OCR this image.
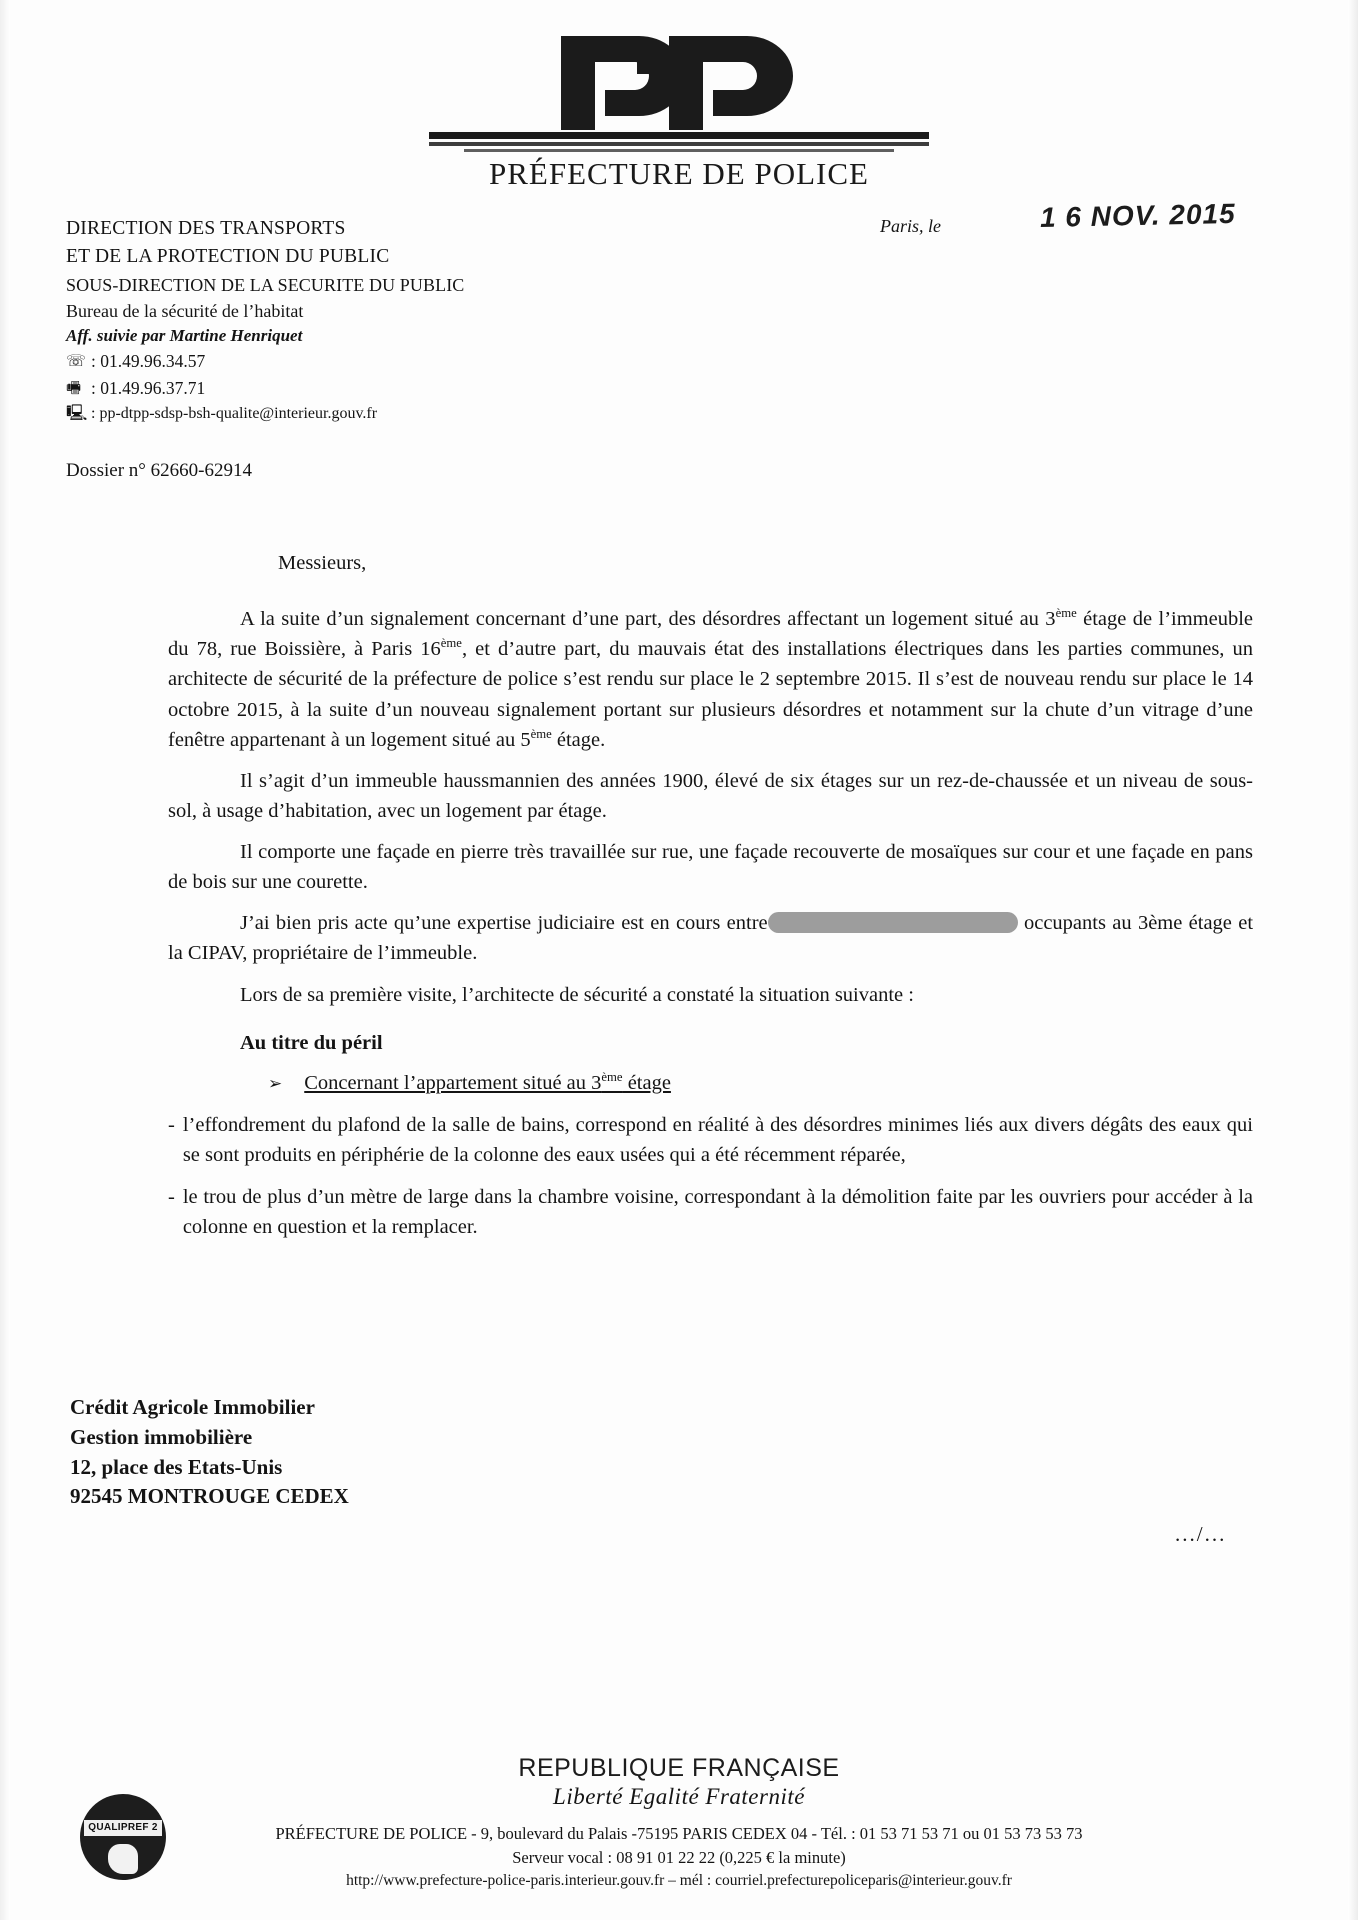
PRÉFECTURE DE POLICE
DIRECTION DES TRANSPORTS
ET DE LA PROTECTION DU PUBLIC
SOUS-DIRECTION DE LA SECURITE DU PUBLIC
Bureau de la sécurité de l’habitat
Aff. suivie par Martine Henriquet
☏ : 01.49.96.34.57
🖷 : 01.49.96.37.71
🖳 : pp-dtpp-sdsp-bsh-qualite@interieur.gouv.fr
Dossier n° 62660-62914
Paris, le	1 6 NOV. 2015
Messieurs,
A la suite d’un signalement concernant d’une part, des désordres affectant un logement situé au 3ème étage de l’immeuble du 78, rue Boissière, à Paris 16ème, et d’autre part, du mauvais état des installations électriques dans les parties communes, un architecte de sécurité de la préfecture de police s’est rendu sur place le 2 septembre 2015. Il s’est de nouveau rendu sur place le 14 octobre 2015, à la suite d’un nouveau signalement portant sur plusieurs désordres et notamment sur la chute d’un vitrage d’une fenêtre appartenant à un logement situé au 5ème étage.
Il s’agit d’un immeuble haussmannien des années 1900, élevé de six étages sur un rez-de-chaussée et un niveau de sous-sol, à usage d’habitation, avec un logement par étage.
Il comporte une façade en pierre très travaillée sur rue, une façade recouverte de mosaïques sur cour et une façade en pans de bois sur une courette.
J’ai bien pris acte qu’une expertise judiciaire est en cours entre	occupants au 3ème étage et la CIPAV, propriétaire de l’immeuble.
Lors de sa première visite, l’architecte de sécurité a constaté la situation suivante :
Au titre du péril
➢ Concernant l’appartement situé au 3ème étage
- l’effondrement du plafond de la salle de bains, correspond en réalité à des désordres minimes liés aux divers dégâts des eaux qui se sont produits en périphérie de la colonne des eaux usées qui a été récemment réparée,
- le trou de plus d’un mètre de large dans la chambre voisine, correspondant à la démolition faite par les ouvriers pour accéder à la colonne en question et la remplacer.
Crédit Agricole Immobilier
Gestion immobilière
12, place des Etats-Unis
92545 MONTROUGE CEDEX
.../...
QUALIPREF 2
REPUBLIQUE FRANÇAISE
Liberté Egalité Fraternité
PRÉFECTURE DE POLICE - 9, boulevard du Palais -75195 PARIS CEDEX 04 - Tél. : 01 53 71 53 71 ou 01 53 73 53 73
Serveur vocal : 08 91 01 22 22 (0,225 € la minute)
http://www.prefecture-police-paris.interieur.gouv.fr – mél : courriel.prefecturepoliceparis@interieur.gouv.fr
